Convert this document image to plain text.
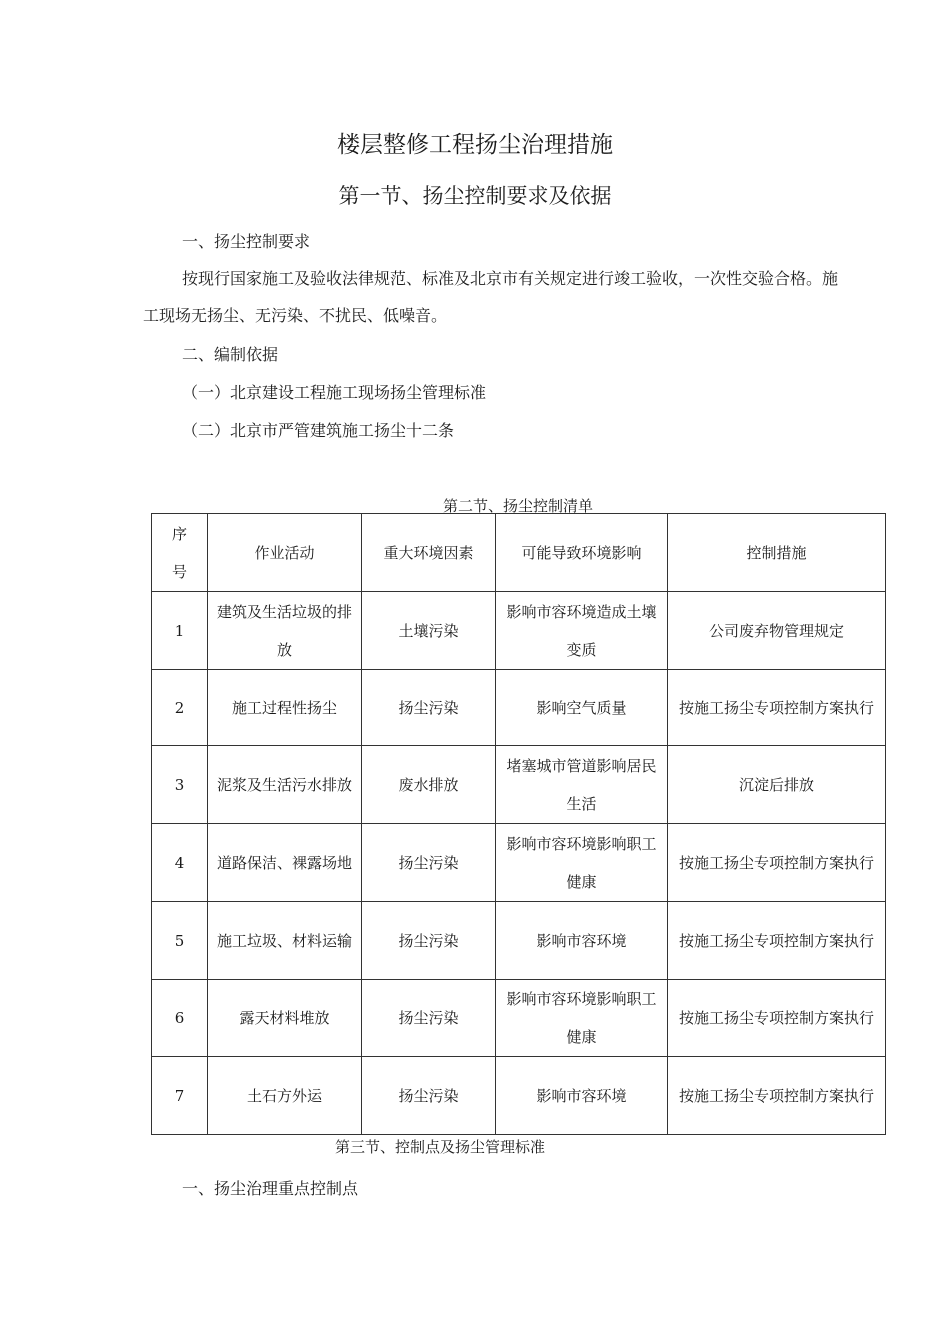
楼层整修工程扬尘治理措施
第一节、扬尘控制要求及依据
一、扬尘控制要求
按现行国家施工及验收法律规范、标准及北京市有关规定进行竣工验收，一次性交验合格。施
工现场无扬尘、无污染、不扰民、低噪音。
二、编制依据
（一）北京建设工程施工现场扬尘管理标准
（二）北京市严管建筑施工扬尘十二条
第二节、扬尘控制清单
序号	作业活动	重大环境因素	可能导致环境影响	控制措施
1	建筑及生活垃圾的排放	土壤污染	影响市容环境造成土壤变质	公司废弃物管理规定

2	施工过程性扬尘	扬尘污染	影响空气质量	按施工扬尘专项控制方案执行

3	泥浆及生活污水排放	废水排放	堵塞城市管道影响居民生活	沉淀后排放

4	道路保洁、裸露场地	扬尘污染	影响市容环境影响职工健康	按施工扬尘专项控制方案执行

5	施工垃圾、材料运输	扬尘污染	影响市容环境	按施工扬尘专项控制方案执行

6	露天材料堆放	扬尘污染	影响市容环境影响职工健康	按施工扬尘专项控制方案执行

7	土石方外运	扬尘污染	影响市容环境	按施工扬尘专项控制方案执行
第三节、控制点及扬尘管理标准
一、扬尘治理重点控制点
